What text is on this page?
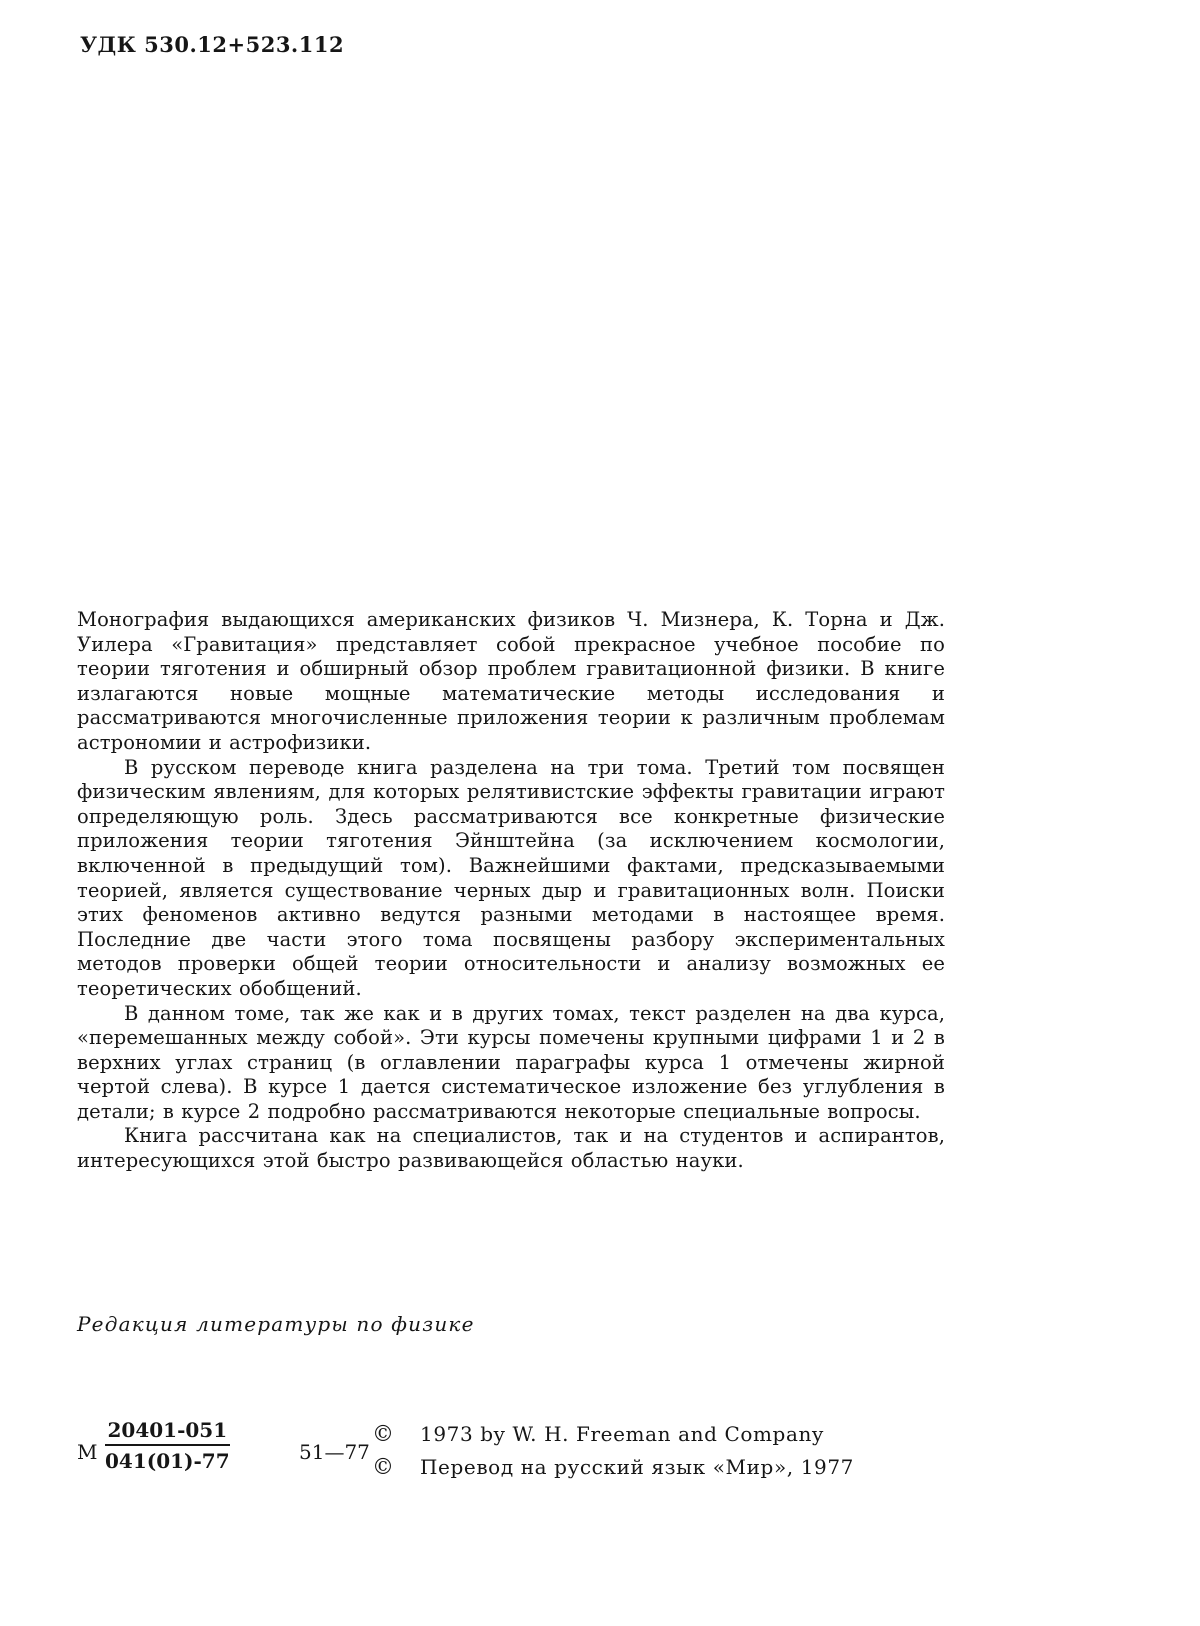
УДК 530.12+523.112

Монография выдающихся американских физиков Ч. Мизнера, К. Торна и Дж. Уилера «Гравитация» представляет собой прекрасное учебное пособие по теории тяготения и обширный обзор проблем гравитационной физики. В книге излагаются новые мощные математические методы исследования и рассматриваются многочисленные приложения теории к различным проблемам астрономии и астрофизики.

В русском переводе книга разделена на три тома. Третий том посвящен физическим явлениям, для которых релятивистские эффекты гравитации играют определяющую роль. Здесь рассматриваются все конкретные физические приложения теории тяготения Эйнштейна (за исключением космологии, включенной в предыдущий том). Важнейшими фактами, предсказываемыми теорией, является существование черных дыр и гравитационных волн. Поиски этих феноменов активно ведутся разными методами в настоящее время. Последние две части этого тома посвящены разбору экспериментальных методов проверки общей теории относительности и анализу возможных ее теоретических обобщений.

В данном томе, так же как и в других томах, текст разделен на два курса, «перемешанных между собой». Эти курсы помечены крупными цифрами 1 и 2 в верхних углах страниц (в оглавлении параграфы курса 1 отмечены жирной чертой слева). В курсе 1 дается систематическое изложение без углубления в детали; в курсе 2 подробно рассматриваются некоторые специальные вопросы.

Книга рассчитана как на специалистов, так и на студентов и аспирантов, интересующихся этой быстро развивающейся областью науки.

Редакция литературы по физике
М $\frac{20401-051}{041(01)-77}$	51—77
© 1973 by W. H. Freeman and Company
© Перевод на русский язык «Мир», 1977
